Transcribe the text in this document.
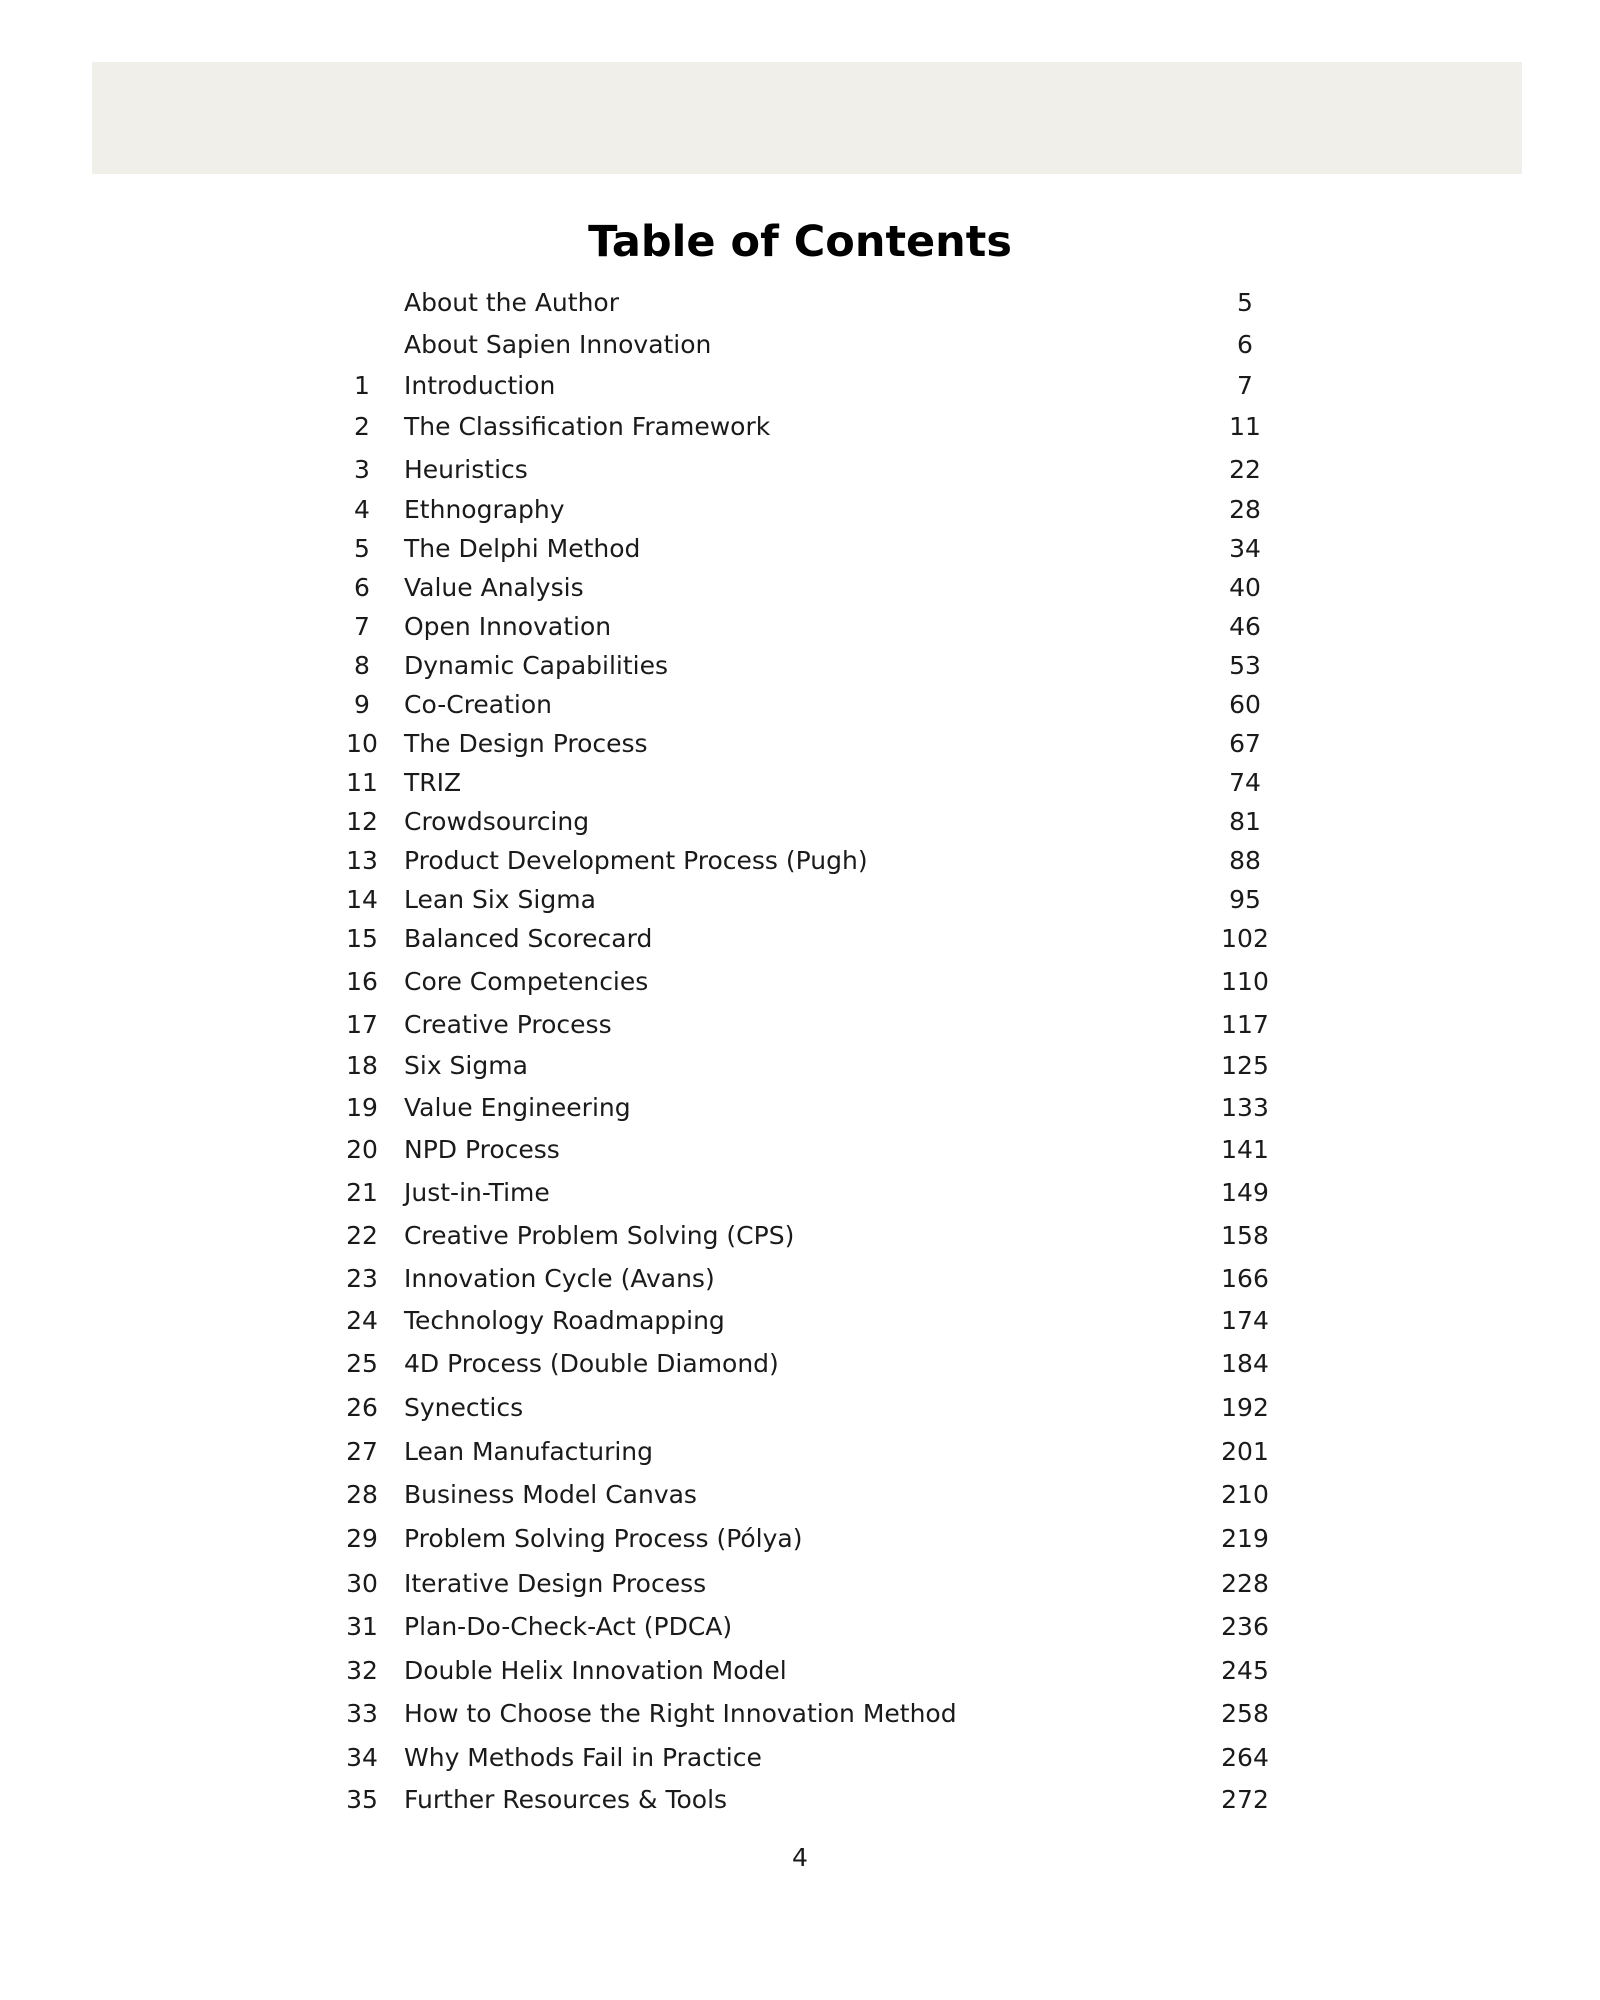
Table of Contents
About the Author	5
About Sapien Innovation	6
1	Introduction	7
2	The Classification Framework	11
3	Heuristics	22
4	Ethnography	28
5	The Delphi Method	34
6	Value Analysis	40
7	Open Innovation	46
8	Dynamic Capabilities	53
9	Co-Creation	60
10	The Design Process	67
11	TRIZ	74
12	Crowdsourcing	81
13	Product Development Process (Pugh)	88
14	Lean Six Sigma	95
15	Balanced Scorecard	102
16	Core Competencies	110
17	Creative Process	117
18	Six Sigma	125
19	Value Engineering	133
20	NPD Process	141
21	Just-in-Time	149
22	Creative Problem Solving (CPS)	158
23	Innovation Cycle (Avans)	166
24	Technology Roadmapping	174
25	4D Process (Double Diamond)	184
26	Synectics	192
27	Lean Manufacturing	201
28	Business Model Canvas	210
29	Problem Solving Process (Pólya)	219
30	Iterative Design Process	228
31	Plan-Do-Check-Act (PDCA)	236
32	Double Helix Innovation Model	245
33	How to Choose the Right Innovation Method	258
34	Why Methods Fail in Practice	264
35	Further Resources & Tools	272
4
